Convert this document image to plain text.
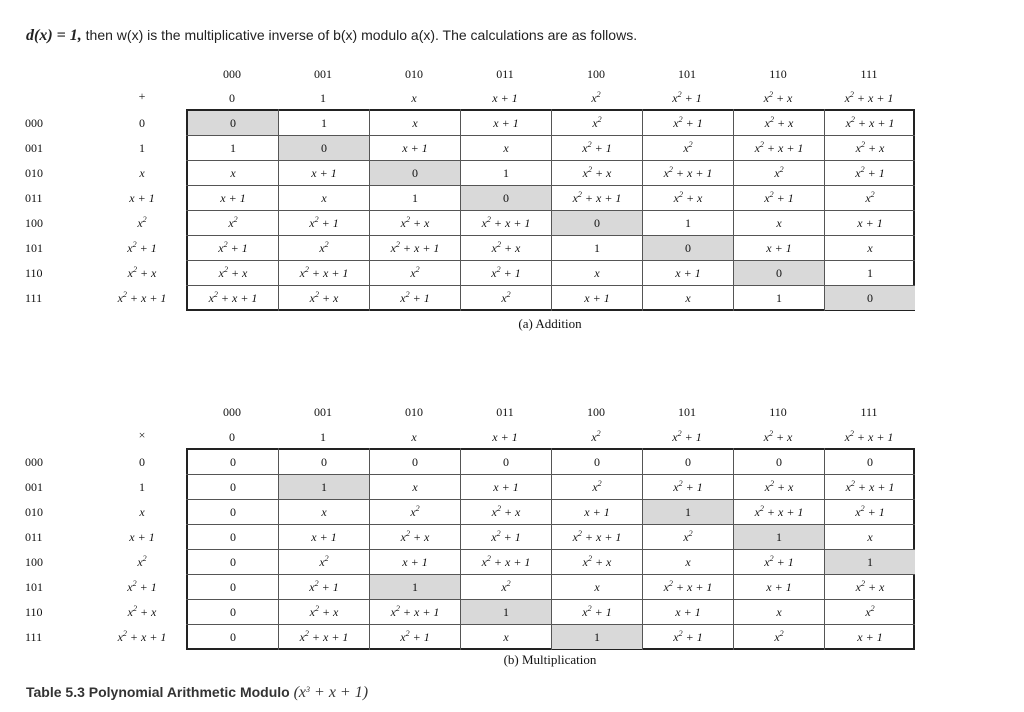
d(x) = 1, then w(x) is the multiplicative inverse of b(x) modulo a(x). The calculations are as follows.
+
000	001	010	011	100	101	110	111
0	1	x	x + 1	$x^2$	$x^2 + 1$	$x^2 + x$	$x^2 + x + 1$
000	0	0	1	x	x + 1	$x^2$	$x^2 + 1$	$x^2 + x$	$x^2 + x + 1$
001	1	1	0	x + 1	x	$x^2 + 1$	$x^2$	$x^2 + x + 1$	$x^2 + x$
010	x	x	x + 1	0	1	$x^2 + x$	$x^2 + x + 1$	$x^2$	$x^2 + 1$
011	x + 1	x + 1	x	1	0	$x^2 + x + 1$	$x^2 + x$	$x^2 + 1$	$x^2$
100	$x^2$	$x^2$	$x^2 + 1$	$x^2 + x$	$x^2 + x + 1$	0	1	x	x + 1
101	$x^2 + 1$	$x^2 + 1$	$x^2$	$x^2 + x + 1$	$x^2 + x$	1	0	x + 1	x
110	$x^2 + x$	$x^2 + x$	$x^2 + x + 1$	$x^2$	$x^2 + 1$	x	x + 1	0	1
111	$x^2 + x + 1$	$x^2 + x + 1$	$x^2 + x$	$x^2 + 1$	$x^2$	x + 1	x	1	0
(a) Addition
×
000	001	010	011	100	101	110	111
0	1	x	x + 1	$x^2$	$x^2 + 1$	$x^2 + x$	$x^2 + x + 1$
000	0	0	0	0	0	0	0	0	0
001	1	0	1	x	x + 1	$x^2$	$x^2 + 1$	$x^2 + x$	$x^2 + x + 1$
010	x	0	x	$x^2$	$x^2 + x$	x + 1	1	$x^2 + x + 1$	$x^2 + 1$
011	x + 1	0	x + 1	$x^2 + x$	$x^2 + 1$	$x^2 + x + 1$	$x^2$	1	x
100	$x^2$	0	$x^2$	x + 1	$x^2 + x + 1$	$x^2 + x$	x	$x^2 + 1$	1
101	$x^2 + 1$	0	$x^2 + 1$	1	$x^2$	x	$x^2 + x + 1$	x + 1	$x^2 + x$
110	$x^2 + x$	0	$x^2 + x$	$x^2 + x + 1$	1	$x^2 + 1$	x + 1	x	$x^2$
111	$x^2 + x + 1$	0	$x^2 + x + 1$	$x^2 + 1$	x	1	$x^2 + 1$	$x^2$	x + 1
(b) Multiplication
Table 5.3 Polynomial Arithmetic Modulo $(x^3 + x + 1)$
